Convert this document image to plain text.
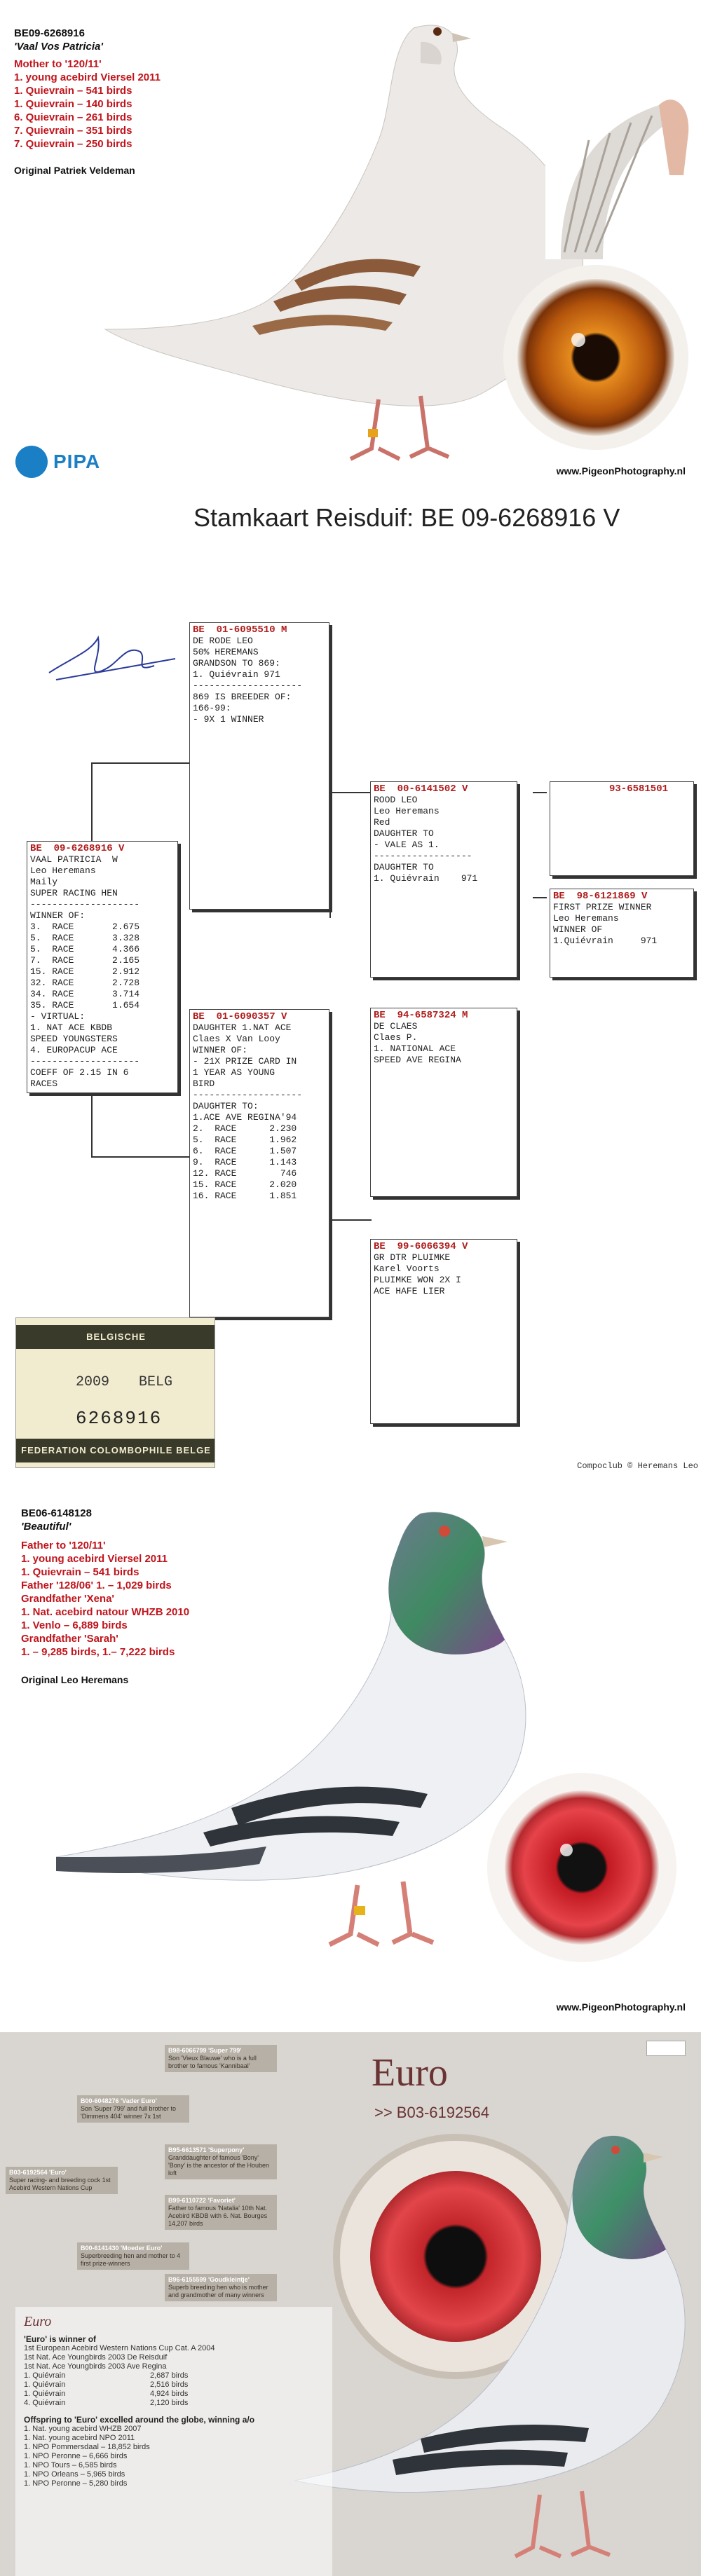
BE09-6268916
'Vaal Vos Patricia'
Mother to '120/11'
1. young acebird Viersel 2011
1. Quievrain – 541 birds
1. Quievrain – 140 birds
6. Quievrain – 261 birds
7. Quievrain – 351 birds
7. Quievrain – 250 birds
Original Patriek Veldeman
PIPA	www.PigeonPhotography.nl
Stamkaart Reisduif: BE 09-6268916 V
BE  09-6268916 V
VAAL PATRICIA  W
Leo Heremans
Maily
SUPER RACING HEN
--------------------
WINNER OF:
3.  RACE       2.675
5.  RACE       3.328
5.  RACE       4.366
7.  RACE       2.165
15. RACE       2.912
32. RACE       2.728
34. RACE       3.714
35. RACE       1.654
- VIRTUAL:
1. NAT ACE KBDB
SPEED YOUNGSTERS
4. EUROPACUP ACE
--------------------
COEFF OF 2.15 IN 6
RACES
BE  01-6095510 M
DE RODE LEO
50% HEREMANS
GRANDSON TO 869:
1. Quiévrain 971
--------------------
869 IS BREEDER OF:
166-99:
- 9X 1 WINNER
BE  01-6090357 V
DAUGHTER 1.NAT ACE
Claes X Van Looy
WINNER OF:
- 21X PRIZE CARD IN
1 YEAR AS YOUNG
BIRD
--------------------
DAUGHTER TO:
1.ACE AVE REGINA'94
2.  RACE      2.230
5.  RACE      1.962
6.  RACE      1.507
9.  RACE      1.143
12. RACE        746
15. RACE      2.020
16. RACE      1.851
BE  00-6141502 V
ROOD LEO
Leo Heremans
Red
DAUGHTER TO
- VALE AS 1.
------------------
DAUGHTER TO
1. Quiévrain    971
93-6581501
BE  98-6121869 V
FIRST PRIZE WINNER
Leo Heremans
WINNER OF
1.Quiévrain     971
BE  94-6587324 M
DE CLAES
Claes P.
1. NATIONAL ACE
SPEED AVE REGINA
BE  99-6066394 V
GR DTR PLUIMKE
Karel Voorts
PLUIMKE WON 2X I
ACE HAFE LIER
BELGISCHE DUIVENLIEFHEBBERSBOND
2009 BELG
6268916
FEDERATION COLOMBOPHILE BELGE
Compoclub © Heremans Leo
BE06-6148128
'Beautiful'
Father to '120/11'
1. young acebird Viersel 2011
1. Quievrain – 541 birds
Father '128/06' 1. – 1,029 birds
Grandfather 'Xena'
1. Nat. acebird natour WHZB 2010
1. Venlo – 6,889 birds
Grandfather 'Sarah'
1. – 9,285 birds, 1.– 7,222 birds
Original Leo Heremans
www.PigeonPhotography.nl
Euro
>> B03-6192564
B98-6066799 'Super 799'
Son 'Vieux Blauwe' who is a full brother to famous 'Kannibaal'
B00-6048276 'Vader Euro'
Son 'Super 799' and full brother to 'Dimmens 404' winner 7x 1st
B95-6613571 'Superpony'
Granddaughter of famous 'Bony' 'Bony' is the ancestor of the Houben loft
B03-6192564 'Euro'
Super racing- and breeding cock 1st Acebird Western Nations Cup
B99-6110722 'Favoriet'
Father to famous 'Natalia' 10th Nat. Acebird KBDB with 6. Nat. Bourges 14,207 birds
B00-6141430 'Moeder Euro'
Superbreeding hen and mother to 4 first prize-winners
B96-6155599 'Goudkleintje'
Superb breeding hen who is mother and grandmother of many winners
Euro
'Euro' is winner of
1st European Acebird Western Nations Cup Cat. A 2004
1st Nat. Ace Youngbirds 2003 De Reisduif
1st Nat. Ace Youngbirds 2003 Ave Regina
1. Quiévrain	2,687 birds
1. Quiévrain	2,516 birds
1. Quiévrain	4,924 birds
4. Quiévrain	2,120 birds
Offspring to 'Euro' excelled around the globe, winning a/o
1. Nat. young acebird WHZB 2007
1. Nat. young acebird NPO 2011
1. NPO Pommersdaal – 18,852 birds
1. NPO Peronne – 6,666 birds
1. NPO Tours – 6,585 birds
1. NPO Orleans – 5,965 birds
1. NPO Peronne – 5,280 birds
